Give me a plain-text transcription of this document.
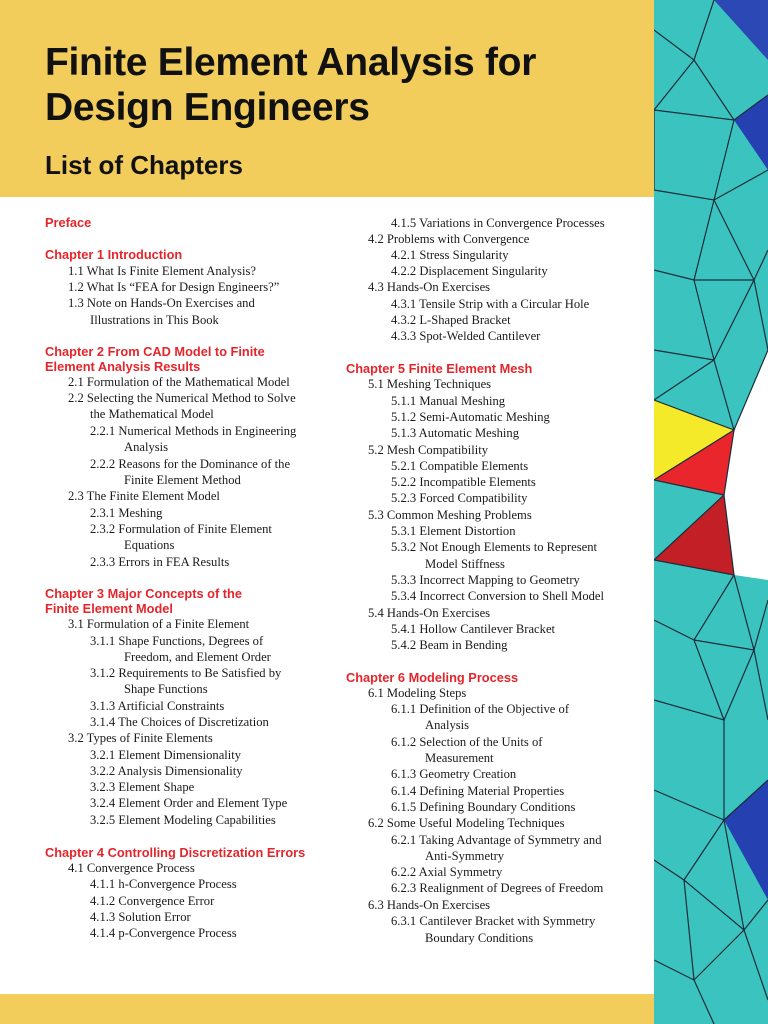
Finite Element Analysis for
Design Engineers
List of Chapters
Preface
Chapter 1 Introduction
1.1 What Is Finite Element Analysis?
1.2 What Is “FEA for Design Engineers?”
1.3 Note on Hands-On Exercises and
Illustrations in This Book
Chapter 2 From CAD Model to Finite
Element Analysis Results
2.1 Formulation of the Mathematical Model
2.2 Selecting the Numerical Method to Solve
the Mathematical Model
2.2.1 Numerical Methods in Engineering
Analysis
2.2.2 Reasons for the Dominance of the
Finite Element Method
2.3 The Finite Element Model
2.3.1 Meshing
2.3.2 Formulation of Finite Element
Equations
2.3.3 Errors in FEA Results
Chapter 3 Major Concepts of the
Finite Element Model
3.1 Formulation of a Finite Element
3.1.1 Shape Functions, Degrees of
Freedom, and Element Order
3.1.2 Requirements to Be Satisfied by
Shape Functions
3.1.3 Artificial Constraints
3.1.4 The Choices of Discretization
3.2 Types of Finite Elements
3.2.1 Element Dimensionality
3.2.2 Analysis Dimensionality
3.2.3 Element Shape
3.2.4 Element Order and Element Type
3.2.5 Element Modeling Capabilities
Chapter 4 Controlling Discretization Errors
4.1 Convergence Process
4.1.1 h-Convergence Process
4.1.2 Convergence Error
4.1.3 Solution Error
4.1.4 p-Convergence Process
4.1.5 Variations in Convergence Processes
4.2 Problems with Convergence
4.2.1 Stress Singularity
4.2.2 Displacement Singularity
4.3 Hands-On Exercises
4.3.1 Tensile Strip with a Circular Hole
4.3.2 L-Shaped Bracket
4.3.3 Spot-Welded Cantilever
Chapter 5 Finite Element Mesh
5.1 Meshing Techniques
5.1.1 Manual Meshing
5.1.2 Semi-Automatic Meshing
5.1.3 Automatic Meshing
5.2 Mesh Compatibility
5.2.1 Compatible Elements
5.2.2 Incompatible Elements
5.2.3 Forced Compatibility
5.3 Common Meshing Problems
5.3.1 Element Distortion
5.3.2 Not Enough Elements to Represent
Model Stiffness
5.3.3 Incorrect Mapping to Geometry
5.3.4 Incorrect Conversion to Shell Model
5.4 Hands-On Exercises
5.4.1 Hollow Cantilever Bracket
5.4.2 Beam in Bending
Chapter 6 Modeling Process
6.1 Modeling Steps
6.1.1 Definition of the Objective of
Analysis
6.1.2 Selection of the Units of
Measurement
6.1.3 Geometry Creation
6.1.4 Defining Material Properties
6.1.5 Defining Boundary Conditions
6.2 Some Useful Modeling Techniques
6.2.1 Taking Advantage of Symmetry and
Anti-Symmetry
6.2.2 Axial Symmetry
6.2.3 Realignment of Degrees of Freedom
6.3 Hands-On Exercises
6.3.1 Cantilever Bracket with Symmetry
Boundary Conditions
